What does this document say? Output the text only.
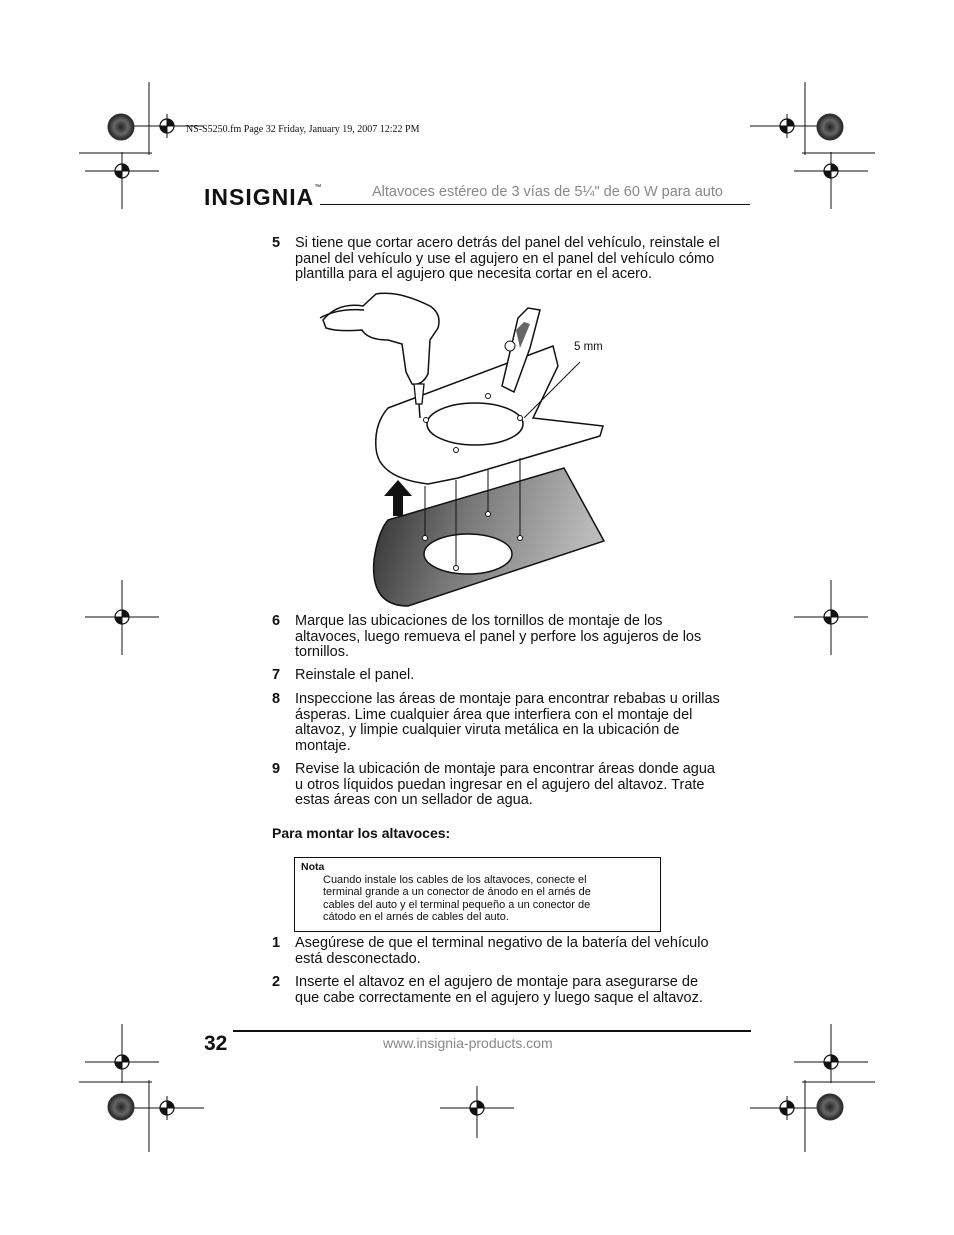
NS-S5250.fm Page 32 Friday, January 19, 2007 12:22 PM
INSIGNIA™	Altavoces estéreo de 3 vías de 5¼" de 60 W para auto
5 Si tiene que cortar acero detrás del panel del vehículo, reinstale el
panel del vehículo y use el agujero en el panel del vehículo cómo
plantilla para el agujero que necesita cortar en el acero.
5 mm
6 Marque las ubicaciones de los tornillos de montaje de los
altavoces, luego remueva el panel y perfore los agujeros de los
tornillos.
7 Reinstale el panel.
8 Inspeccione las áreas de montaje para encontrar rebabas u orillas
ásperas. Lime cualquier área que interfiera con el montaje del
altavoz, y limpie cualquier viruta metálica en la ubicación de
montaje.
9 Revise la ubicación de montaje para encontrar áreas donde agua
u otros líquidos puedan ingresar en el agujero del altavoz. Trate
estas áreas con un sellador de agua.
Para montar los altavoces:
Nota
Cuando instale los cables de los altavoces, conecte el
terminal grande a un conector de ánodo en el arnés de
cables del auto y el terminal pequeño a un conector de
cátodo en el arnés de cables del auto.
1 Asegúrese de que el terminal negativo de la batería del vehículo
está desconectado.
2 Inserte el altavoz en el agujero de montaje para asegurarse de
que cabe correctamente en el agujero y luego saque el altavoz.
32	www.insignia-products.com
